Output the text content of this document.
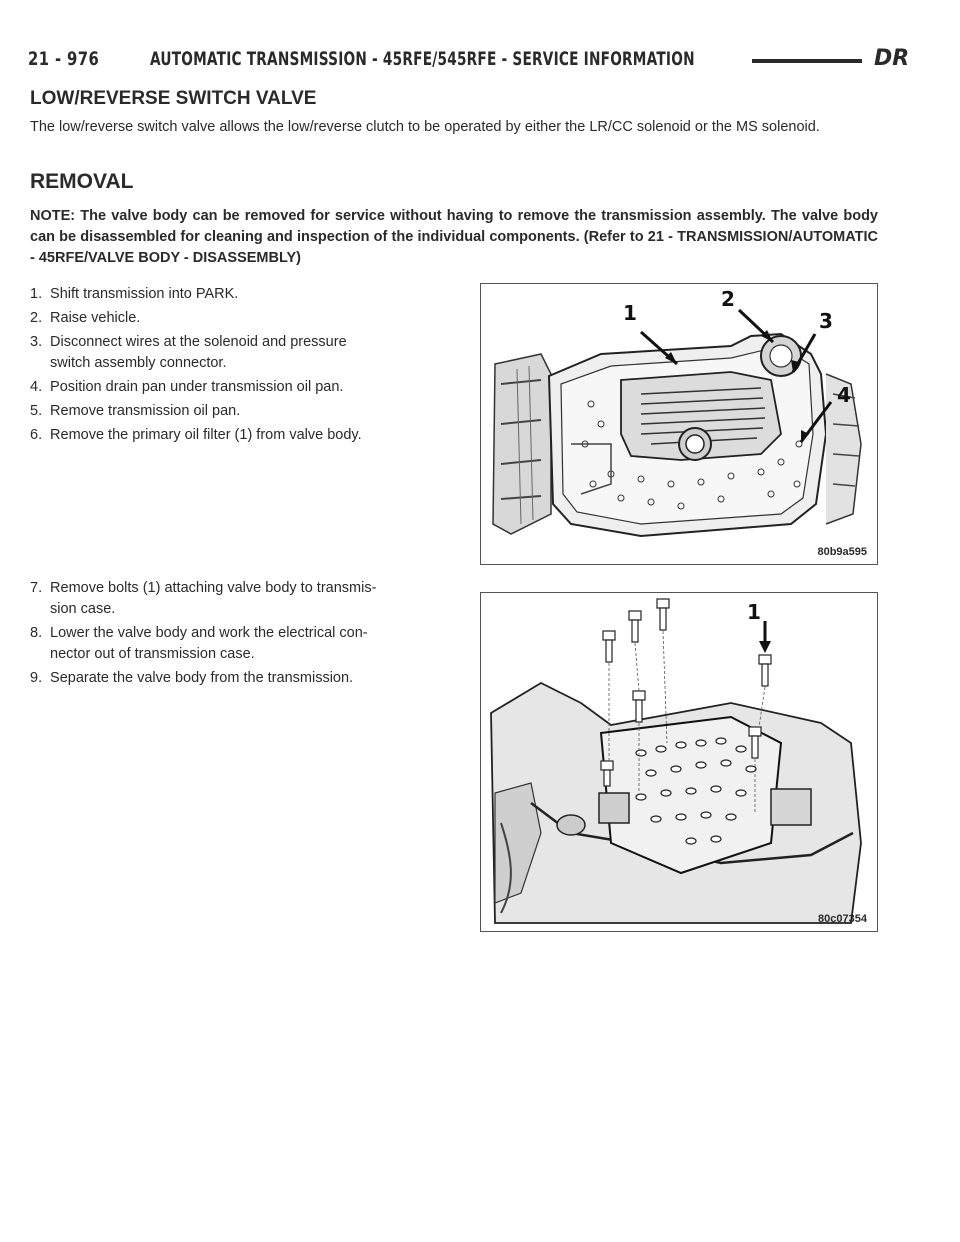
21 - 976	AUTOMATIC TRANSMISSION - 45RFE/545RFE - SERVICE INFORMATION	DR
LOW/REVERSE SWITCH VALVE
The low/reverse switch valve allows the low/reverse clutch to be operated by either the LR/CC solenoid or the MS solenoid.
REMOVAL
NOTE: The valve body can be removed for service without having to remove the transmission assembly. The valve body can be disassembled for cleaning and inspection of the individual components. (Refer to 21 - TRANSMISSION/AUTOMATIC - 45RFE/VALVE BODY - DISASSEMBLY)
1. Shift transmission into PARK.
2. Raise vehicle.
3. Disconnect wires at the solenoid and pressure
switch assembly connector.
4. Position drain pan under transmission oil pan.
5. Remove transmission oil pan.
6. Remove the primary oil filter (1) from valve body.
7. Remove bolts (1) attaching valve body to transmis-
sion case.
8. Lower the valve body and work the electrical con-
nector out of transmission case.
9. Separate the valve body from the transmission.
1
2
3
4
80b9a595
1
80c07354
